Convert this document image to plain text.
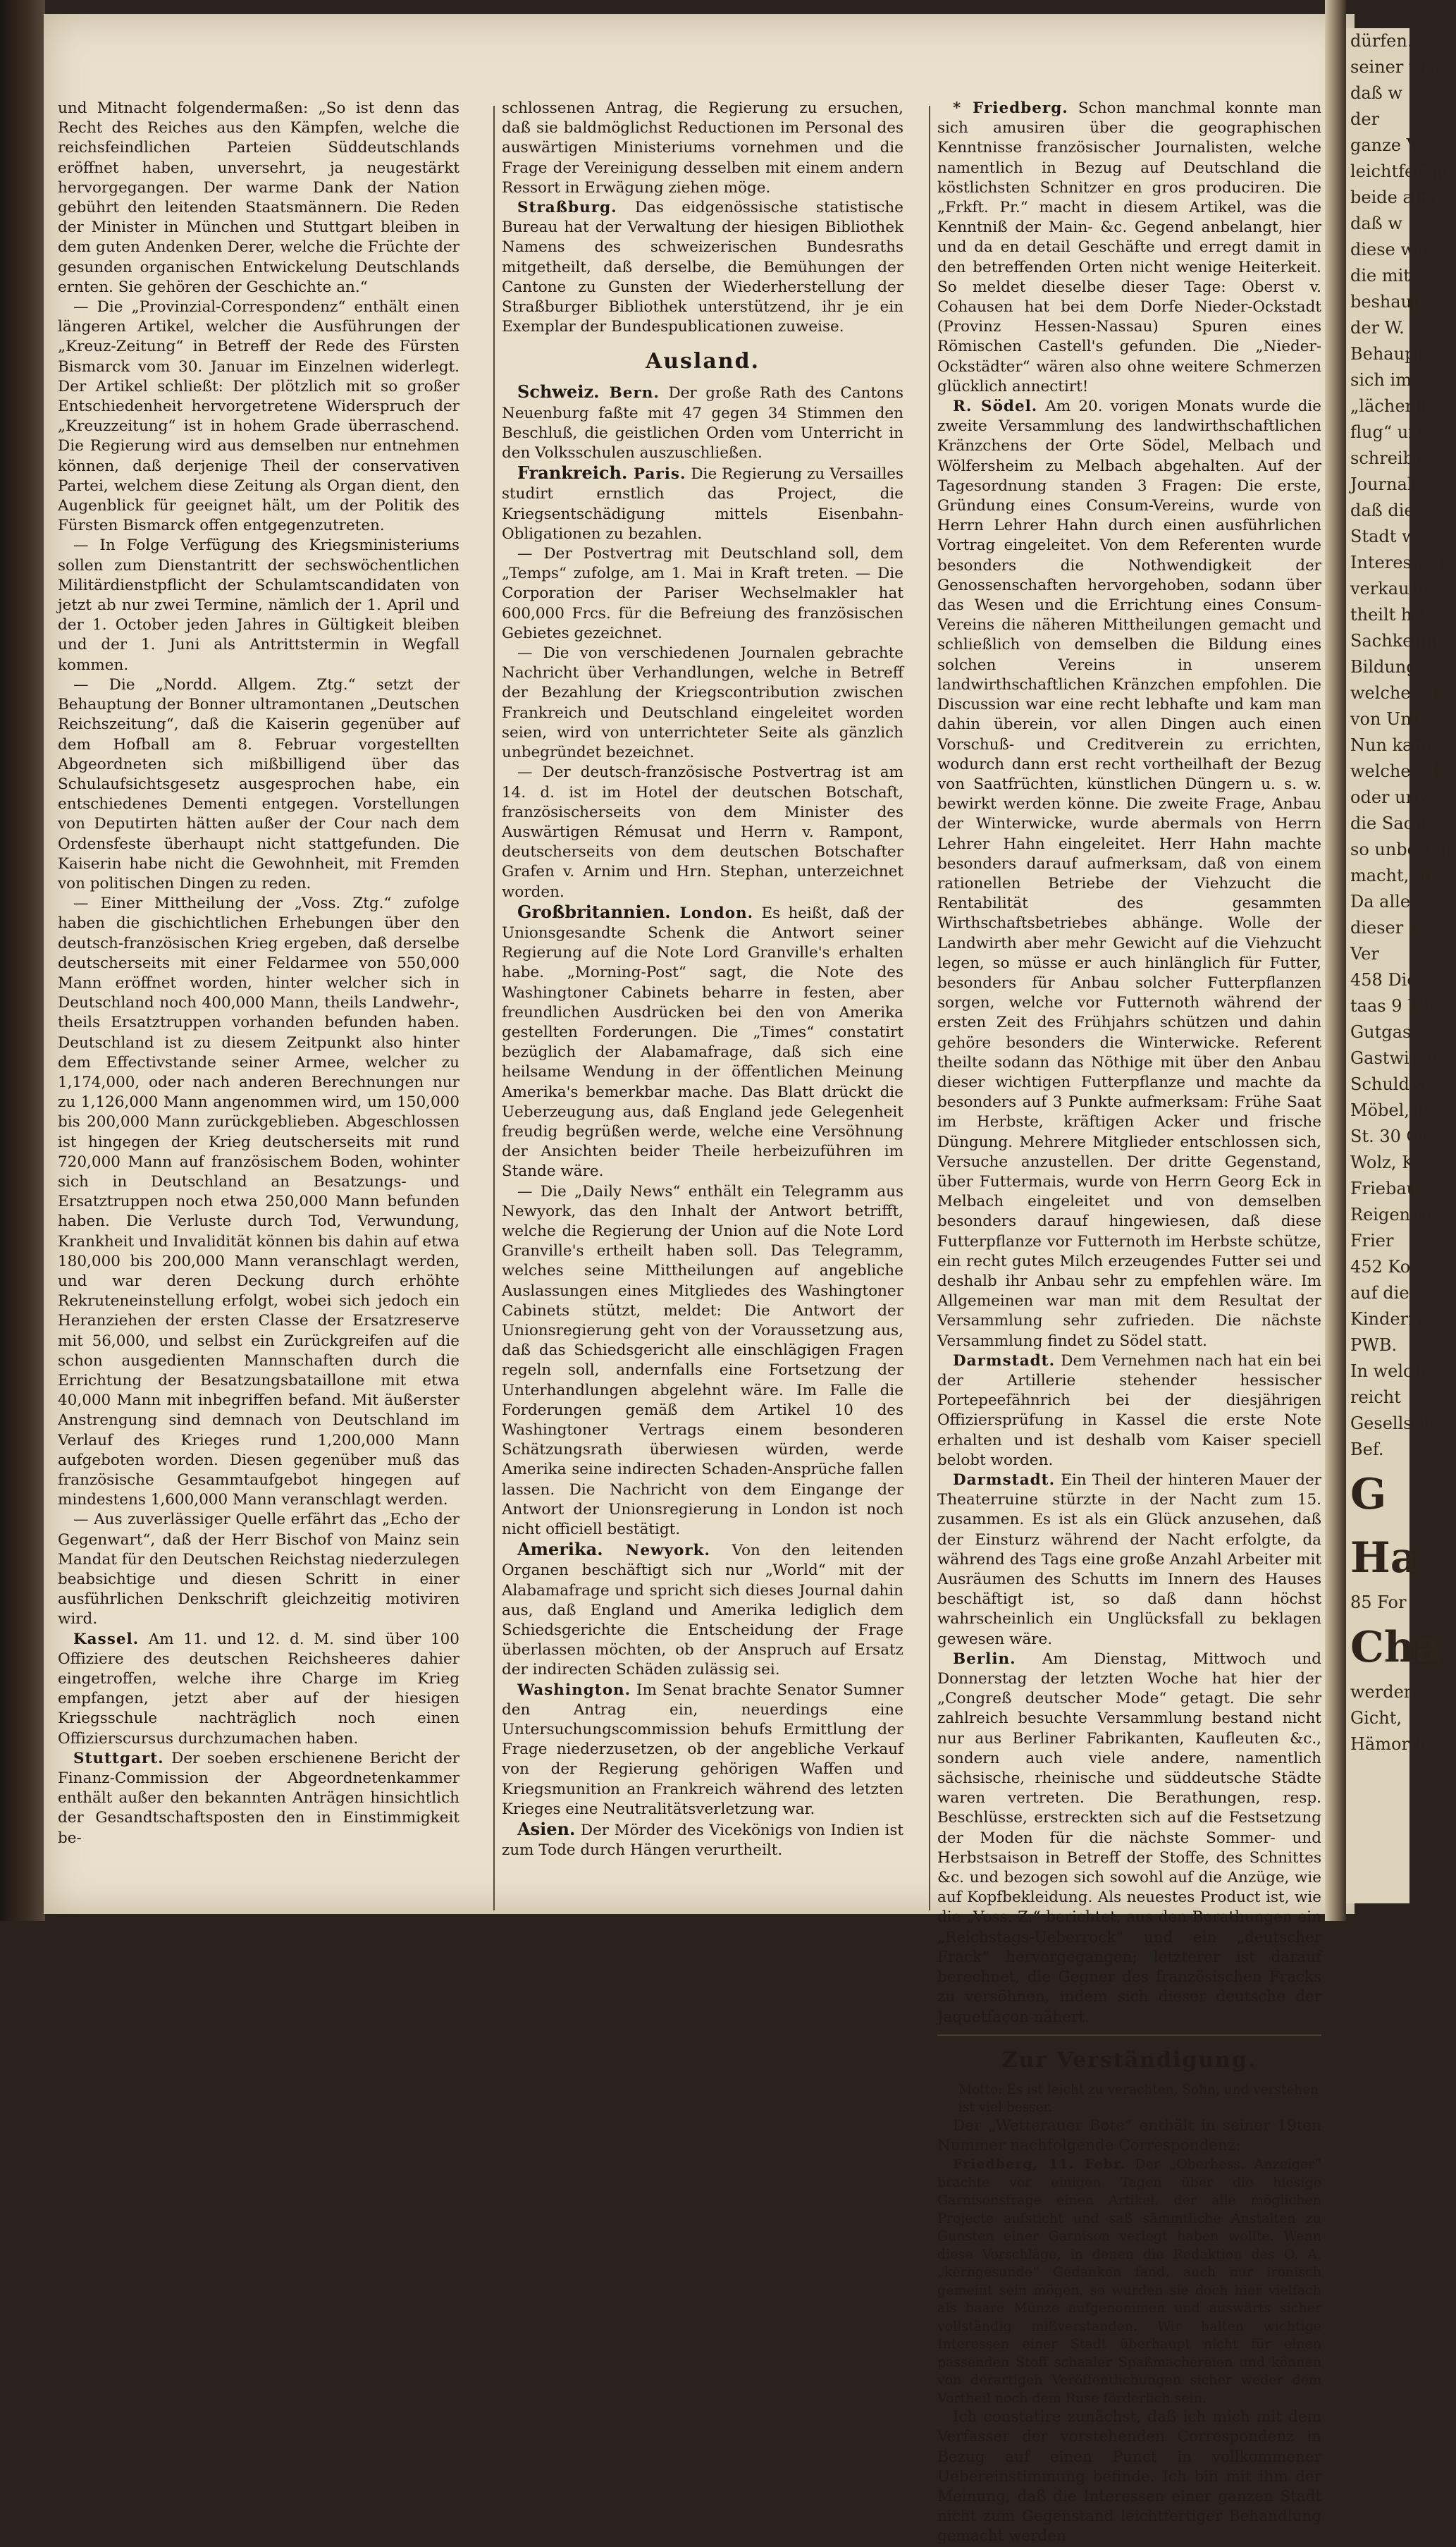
dürfen.
seiner wiss
daß w
der
ganze Vor
leichtfertige
beide aber
daß w
diese wic
die mit
beshaupt
der W.
Behauptun
sich im
„lächerlic
flug“ un
schreibe
Journal
daß diese
Stadt w
Interessen
verkaufe
theilt hab
Sachkennt
Bildung
welches d
von Unbe
Nun kann
welches d
oder unw
die Sache
so unbedeu
macht, so
Da alle
dieser G
Ver
458 Die
taas 9 Uh
Gutgasse
Gastwirths
Schuldwe
Möbel, B
St. 30 Ok
Wolz, K
Friebau
Reigenwe
Frier
452 Ko
auf dies
Kindern
PWB.
In welche
reicht
Gesellsch
Bef.
G
Ha
85 For
Cha
werden
Gicht,
Hämorrh

und Mitnacht folgendermaßen: „So ist denn das Recht des Reiches aus den Kämpfen, welche die reichsfeindlichen Parteien Süddeutschlands eröffnet haben, unversehrt, ja neugestärkt hervorgegangen. Der warme Dank der Nation gebührt den leitenden Staatsmännern. Die Reden der Minister in München und Stuttgart bleiben in dem guten Andenken Derer, welche die Früchte der gesunden organischen Entwickelung Deutschlands ernten. Sie gehören der Geschichte an.“

— Die „Provinzial-Correspondenz“ enthält einen längeren Artikel, welcher die Ausführungen der „Kreuz-Zeitung“ in Betreff der Rede des Fürsten Bismarck vom 30. Januar im Einzelnen widerlegt. Der Artikel schließt: Der plötzlich mit so großer Entschiedenheit hervorgetretene Widerspruch der „Kreuzzeitung“ ist in hohem Grade überraschend. Die Regierung wird aus demselben nur entnehmen können, daß derjenige Theil der conservativen Partei, welchem diese Zeitung als Organ dient, den Augenblick für geeignet hält, um der Politik des Fürsten Bismarck offen entgegenzutreten.

— In Folge Verfügung des Kriegsministeriums sollen zum Dienstantritt der sechswöchentlichen Militärdienstpflicht der Schulamtscandidaten von jetzt ab nur zwei Termine, nämlich der 1. April und der 1. October jeden Jahres in Gültigkeit bleiben und der 1. Juni als Antrittstermin in Wegfall kommen.

— Die „Nordd. Allgem. Ztg.“ setzt der Behauptung der Bonner ultramontanen „Deutschen Reichszeitung“, daß die Kaiserin gegenüber auf dem Hofball am 8. Februar vorgestellten Abgeordneten sich mißbilligend über das Schulaufsichtsgesetz ausgesprochen habe, ein entschiedenes Dementi entgegen. Vorstellungen von Deputirten hätten außer der Cour nach dem Ordensfeste überhaupt nicht stattgefunden. Die Kaiserin habe nicht die Gewohnheit, mit Fremden von politischen Dingen zu reden.

— Einer Mittheilung der „Voss. Ztg.“ zufolge haben die gischichtlichen Erhebungen über den deutsch-französischen Krieg ergeben, daß derselbe deutscherseits mit einer Feldarmee von 550,000 Mann eröffnet worden, hinter welcher sich in Deutschland noch 400,000 Mann, theils Landwehr-, theils Ersatztruppen vorhanden befunden haben. Deutschland ist zu diesem Zeitpunkt also hinter dem Effectivstande seiner Armee, welcher zu 1,174,000, oder nach anderen Berechnungen nur zu 1,126,000 Mann angenommen wird, um 150,000 bis 200,000 Mann zurückgeblieben. Abgeschlossen ist hingegen der Krieg deutscherseits mit rund 720,000 Mann auf französischem Boden, wohinter sich in Deutschland an Besatzungs- und Ersatztruppen noch etwa 250,000 Mann befunden haben. Die Verluste durch Tod, Verwundung, Krankheit und Invalidität können bis dahin auf etwa 180,000 bis 200,000 Mann veranschlagt werden, und war deren Deckung durch erhöhte Rekruteneinstellung erfolgt, wobei sich jedoch ein Heranziehen der ersten Classe der Ersatzreserve mit 56,000, und selbst ein Zurückgreifen auf die schon ausgedienten Mannschaften durch die Errichtung der Besatzungsbataillone mit etwa 40,000 Mann mit inbegriffen befand. Mit äußerster Anstrengung sind demnach von Deutschland im Verlauf des Krieges rund 1,200,000 Mann aufgeboten worden. Diesen gegenüber muß das französische Gesammtaufgebot hingegen auf mindestens 1,600,000 Mann veranschlagt werden.

— Aus zuverlässiger Quelle erfährt das „Echo der Gegenwart“, daß der Herr Bischof von Mainz sein Mandat für den Deutschen Reichstag niederzulegen beabsichtige und diesen Schritt in einer ausführlichen Denkschrift gleichzeitig motiviren wird.

Kassel. Am 11. und 12. d. M. sind über 100 Offiziere des deutschen Reichsheeres dahier eingetroffen, welche ihre Charge im Krieg empfangen, jetzt aber auf der hiesigen Kriegsschule nachträglich noch einen Offizierscursus durchzumachen haben.

Stuttgart. Der soeben erschienene Bericht der Finanz-Commission der Abgeordnetenkammer enthält außer den bekannten Anträgen hinsichtlich der Gesandtschaftsposten den in Einstimmigkeit be-

schlossenen Antrag, die Regierung zu ersuchen, daß sie baldmöglichst Reductionen im Personal des auswärtigen Ministeriums vornehmen und die Frage der Vereinigung desselben mit einem andern Ressort in Erwägung ziehen möge.

Straßburg. Das eidgenössische statistische Bureau hat der Verwaltung der hiesigen Bibliothek Namens des schweizerischen Bundesraths mitgetheilt, daß derselbe, die Bemühungen der Cantone zu Gunsten der Wiederherstellung der Straßburger Bibliothek unterstützend, ihr je ein Exemplar der Bundespublicationen zuweise.

Ausland.

Schweiz. Bern. Der große Rath des Cantons Neuenburg faßte mit 47 gegen 34 Stimmen den Beschluß, die geistlichen Orden vom Unterricht in den Volksschulen auszuschließen.

Frankreich. Paris. Die Regierung zu Versailles studirt ernstlich das Project, die Kriegsentschädigung mittels Eisenbahn-Obligationen zu bezahlen.

— Der Postvertrag mit Deutschland soll, dem „Temps“ zufolge, am 1. Mai in Kraft treten. — Die Corporation der Pariser Wechselmakler hat 600,000 Frcs. für die Befreiung des französischen Gebietes gezeichnet.

— Die von verschiedenen Journalen gebrachte Nachricht über Verhandlungen, welche in Betreff der Bezahlung der Kriegscontribution zwischen Frankreich und Deutschland eingeleitet worden seien, wird von unterrichteter Seite als gänzlich unbegründet bezeichnet.

— Der deutsch-französische Postvertrag ist am 14. d. ist im Hotel der deutschen Botschaft, französischerseits von dem Minister des Auswärtigen Rémusat und Herrn v. Rampont, deutscherseits von dem deutschen Botschafter Grafen v. Arnim und Hrn. Stephan, unterzeichnet worden.

Großbritannien. London. Es heißt, daß der Unionsgesandte Schenk die Antwort seiner Regierung auf die Note Lord Granville's erhalten habe. „Morning-Post“ sagt, die Note des Washingtoner Cabinets beharre in festen, aber freundlichen Ausdrücken bei den von Amerika gestellten Forderungen. Die „Times“ constatirt bezüglich der Alabamafrage, daß sich eine heilsame Wendung in der öffentlichen Meinung Amerika's bemerkbar mache. Das Blatt drückt die Ueberzeugung aus, daß England jede Gelegenheit freudig begrüßen werde, welche eine Versöhnung der Ansichten beider Theile herbeizuführen im Stande wäre.

— Die „Daily News“ enthält ein Telegramm aus Newyork, das den Inhalt der Antwort betrifft, welche die Regierung der Union auf die Note Lord Granville's ertheilt haben soll. Das Telegramm, welches seine Mittheilungen auf angebliche Auslassungen eines Mitgliedes des Washingtoner Cabinets stützt, meldet: Die Antwort der Unionsregierung geht von der Voraussetzung aus, daß das Schiedsgericht alle einschlägigen Fragen regeln soll, andernfalls eine Fortsetzung der Unterhandlungen abgelehnt wäre. Im Falle die Forderungen gemäß dem Artikel 10 des Washingtoner Vertrags einem besonderen Schätzungsrath überwiesen würden, werde Amerika seine indirecten Schaden-Ansprüche fallen lassen. Die Nachricht von dem Eingange der Antwort der Unionsregierung in London ist noch nicht officiell bestätigt.

Amerika. Newyork. Von den leitenden Organen beschäftigt sich nur „World“ mit der Alabamafrage und spricht sich dieses Journal dahin aus, daß England und Amerika lediglich dem Schiedsgerichte die Entscheidung der Frage überlassen möchten, ob der Anspruch auf Ersatz der indirecten Schäden zulässig sei.

Washington. Im Senat brachte Senator Sumner den Antrag ein, neuerdings eine Untersuchungscommission behufs Ermittlung der Frage niederzusetzen, ob der angebliche Verkauf von der Regierung gehörigen Waffen und Kriegsmunition an Frankreich während des letzten Krieges eine Neutralitätsverletzung war.

Asien. Der Mörder des Vicekönigs von Indien ist zum Tode durch Hängen verurtheilt.

* Friedberg. Schon manchmal konnte man sich amusiren über die geographischen Kenntnisse französischer Journalisten, welche namentlich in Bezug auf Deutschland die köstlichsten Schnitzer en gros produciren. Die „Frkft. Pr.“ macht in diesem Artikel, was die Kenntniß der Main- &c. Gegend anbelangt, hier und da en detail Geschäfte und erregt damit in den betreffenden Orten nicht wenige Heiterkeit. So meldet dieselbe dieser Tage: Oberst v. Cohausen hat bei dem Dorfe Nieder-Ockstadt (Provinz Hessen-Nassau) Spuren eines Römischen Castell's gefunden. Die „Nieder-Ockstädter“ wären also ohne weitere Schmerzen glücklich annectirt!

R. Södel. Am 20. vorigen Monats wurde die zweite Versammlung des landwirthschaftlichen Kränzchens der Orte Södel, Melbach und Wölfersheim zu Melbach abgehalten. Auf der Tagesordnung standen 3 Fragen: Die erste, Gründung eines Consum-Vereins, wurde von Herrn Lehrer Hahn durch einen ausführlichen Vortrag eingeleitet. Von dem Referenten wurde besonders die Nothwendigkeit der Genossenschaften hervorgehoben, sodann über das Wesen und die Errichtung eines Consum-Vereins die näheren Mittheilungen gemacht und schließlich von demselben die Bildung eines solchen Vereins in unserem landwirthschaftlichen Kränzchen empfohlen. Die Discussion war eine recht lebhafte und kam man dahin überein, vor allen Dingen auch einen Vorschuß- und Creditverein zu errichten, wodurch dann erst recht vortheilhaft der Bezug von Saatfrüchten, künstlichen Düngern u. s. w. bewirkt werden könne. Die zweite Frage, Anbau der Winterwicke, wurde abermals von Herrn Lehrer Hahn eingeleitet. Herr Hahn machte besonders darauf aufmerksam, daß von einem rationellen Betriebe der Viehzucht die Rentabilität des gesammten Wirthschaftsbetriebes abhänge. Wolle der Landwirth aber mehr Gewicht auf die Viehzucht legen, so müsse er auch hinlänglich für Futter, besonders für Anbau solcher Futterpflanzen sorgen, welche vor Futternoth während der ersten Zeit des Frühjahrs schützen und dahin gehöre besonders die Winterwicke. Referent theilte sodann das Nöthige mit über den Anbau dieser wichtigen Futterpflanze und machte da besonders auf 3 Punkte aufmerksam: Frühe Saat im Herbste, kräftigen Acker und frische Düngung. Mehrere Mitglieder entschlossen sich, Versuche anzustellen. Der dritte Gegenstand, über Futtermais, wurde von Herrn Georg Eck in Melbach eingeleitet und von demselben besonders darauf hingewiesen, daß diese Futterpflanze vor Futternoth im Herbste schütze, ein recht gutes Milch erzeugendes Futter sei und deshalb ihr Anbau sehr zu empfehlen wäre. Im Allgemeinen war man mit dem Resultat der Versammlung sehr zufrieden. Die nächste Versammlung findet zu Södel statt.

Darmstadt. Dem Vernehmen nach hat ein bei der Artillerie stehender hessischer Portepeefähnrich bei der diesjährigen Offiziersprüfung in Kassel die erste Note erhalten und ist deshalb vom Kaiser speciell belobt worden.

Darmstadt. Ein Theil der hinteren Mauer der Theaterruine stürzte in der Nacht zum 15. zusammen. Es ist als ein Glück anzusehen, daß der Einsturz während der Nacht erfolgte, da während des Tags eine große Anzahl Arbeiter mit Ausräumen des Schutts im Innern des Hauses beschäftigt ist, so daß dann höchst wahrscheinlich ein Unglücksfall zu beklagen gewesen wäre.

Berlin. Am Dienstag, Mittwoch und Donnerstag der letzten Woche hat hier der „Congreß deutscher Mode“ getagt. Die sehr zahlreich besuchte Versammlung bestand nicht nur aus Berliner Fabrikanten, Kaufleuten &c., sondern auch viele andere, namentlich sächsische, rheinische und süddeutsche Städte waren vertreten. Die Berathungen, resp. Beschlüsse, erstreckten sich auf die Festsetzung der Moden für die nächste Sommer- und Herbstsaison in Betreff der Stoffe, des Schnittes &c. und bezogen sich sowohl auf die Anzüge, wie auf Kopfbekleidung. Als neuestes Product ist, wie die „Voss. Z.“ berichtet, aus den Berathungen ein „Reichstags-Ueberrock“ und ein „deutscher Frack“ hervorgegangen; letzterer ist darauf berechnet, die Gegner des französischen Fracks zu versöhnen, indem sich dieser deutsche der Jaquetfaçon nähert.

Zur Verständigung.
Motto: Es ist leicht zu verachten, Sohn, und verstehen ist viel besser.

Der „Wetterauer Bote“ enthält in seiner 19ten Nummer nachfolgende Correspondenz:

Friedberg, 11. Febr. Der „Oberhess. Anzeiger“ brachte vor einigen Tagen über die hiesige Garnisonsfrage einen Artikel, der alle möglichen Projecte aufsticht und saß sämmtliche Anstalten zu Gunsten einer Garnison verlegt haben wollte. Wenn diese Vorschläge, in denen die Redaktion des O. A. „kerngesunde“ Gedanken fand, auch nur ironisch gemeint sein mögen, so wurden sie doch hier vielfach als baare Münze aufgenommen und auswärts sicher vollständig mißverstanden. Wir halten wichtige Interessen einer Stadt überhaupt nicht für einen passenden Stoff schaaler Spaßmachereien und können von derartigen Veröffentlichungen sicher weder dem Vortheil noch dem Ruse förderlich sein.

Ich constatire zunächst, daß ich mich mit dem Verfasser der vorstehenden Correspondenz in Bezug auf einen Punct in vollkommener Uebereinstimmung befinde. Ich bin mit ihm der Meinung, daß die Interessen einer ganzen Stadt nicht zum Gegenstand leichtfertiger Behandlung gemacht werden
